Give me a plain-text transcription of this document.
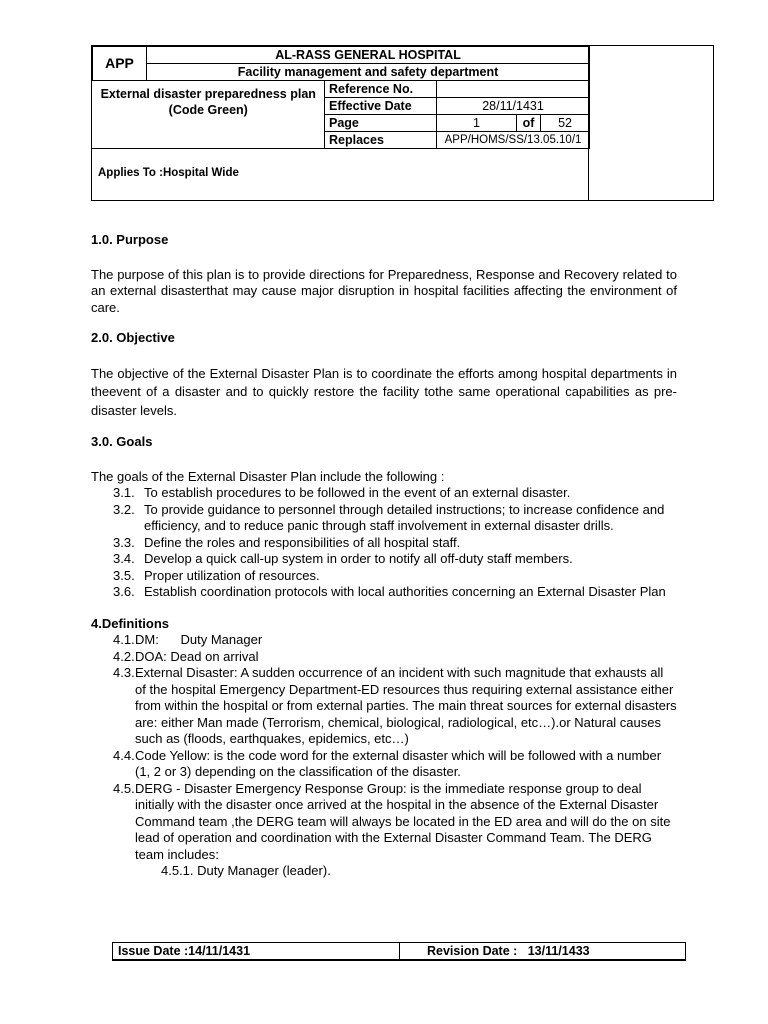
APP	AL-RASS GENERAL HOSPITAL				
	Facility management and safety department				
External disaster preparedness plan (Code Green)		Reference No.			
		Effective Date	28/11/1431		
		Page	1	of	52
		Replaces	APP/HOMS/SS/13.05.10/1		
Applies To :Hospital Wide
1.0. Purpose

The purpose of this plan is to provide directions for Preparedness, Response and Recovery related to an external disasterthat may cause major disruption in hospital facilities affecting the environment of care.

2.0. Objective

The objective of the External Disaster Plan is to coordinate the efforts among hospital departments in theevent of a disaster and to quickly restore the facility tothe same operational capabilities as pre-disaster levels.

3.0. Goals

The goals of the External Disaster Plan include the following :

3.1. To establish procedures to be followed in the event of an external disaster.
3.2. To provide guidance to personnel through detailed instructions; to increase confidence and efficiency, and to reduce panic through staff involvement in external disaster drills.
3.3. Define the roles and responsibilities of all hospital staff.
3.4. Develop a quick call-up system in order to notify all off-duty staff members.
3.5. Proper utilization of resources.
3.6. Establish coordination protocols with local authorities concerning an External Disaster Plan
4.Definitions
4.1. DM:      Duty Manager
4.2. DOA: Dead on arrival
4.3. External Disaster: A sudden occurrence of an incident with such magnitude that exhausts all of the hospital Emergency Department-ED resources thus requiring external assistance either from within the hospital or from external parties. The main threat sources for external disasters are: either Man made (Terrorism, chemical, biological, radiological, etc…).or Natural causes such as (floods, earthquakes, epidemics, etc…)
4.4. Code Yellow: is the code word for the external disaster which will be followed with a number (1, 2 or 3) depending on the classification of the disaster.
4.5. DERG - Disaster Emergency Response Group: is the immediate response group to deal initially with the disaster once arrived at the hospital in the absence of the External Disaster Command team ,the DERG team will always be located in the ED area and will do the on site lead of operation and coordination with the External Disaster Command Team. The DERG team includes:
4.5.1. Duty Manager (leader).
Issue Date :14/11/1431	Revision Date :   13/11/1433
